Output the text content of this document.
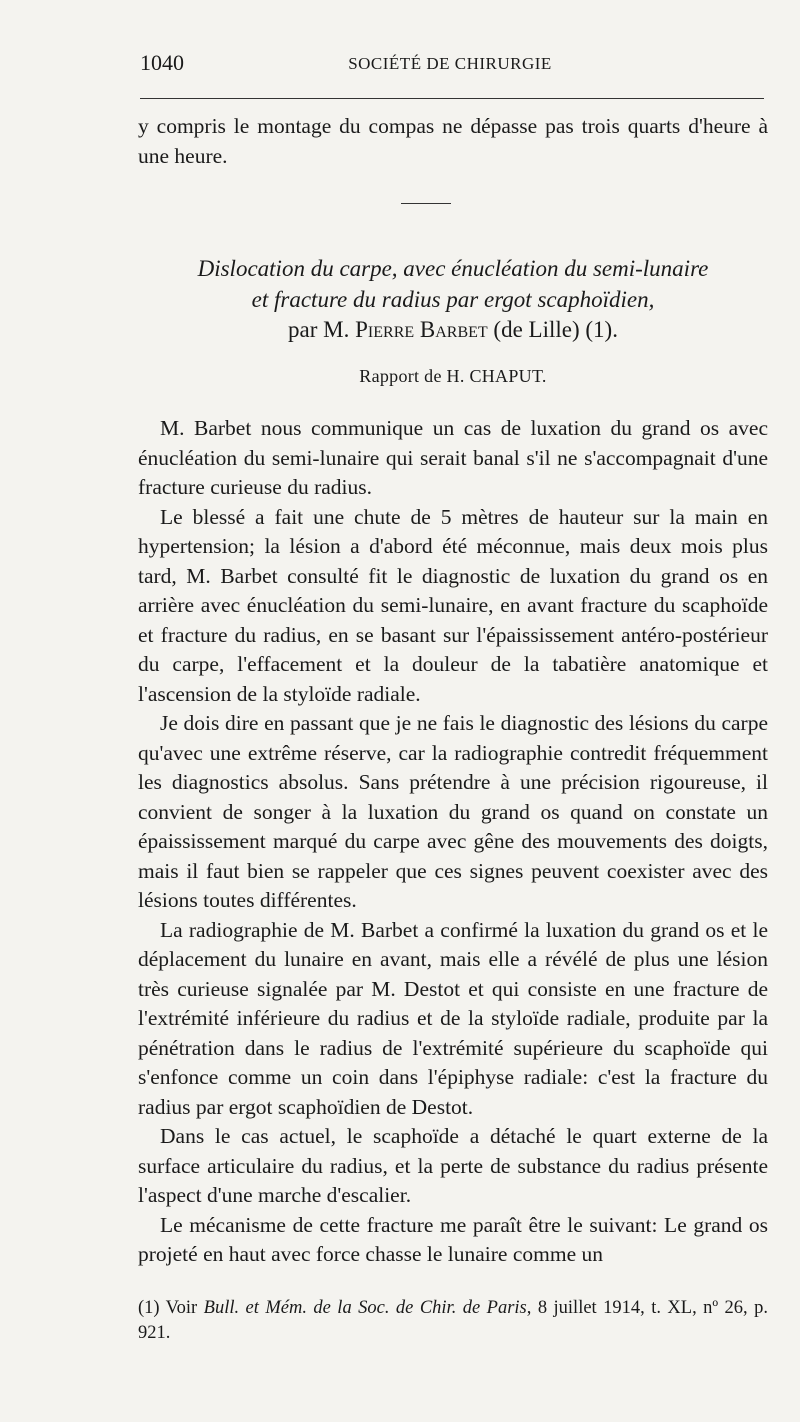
1040	SOCIÉTÉ DE CHIRURGIE

y compris le montage du compas ne dépasse pas trois quarts d'heure à une heure.

Dislocation du carpe, avec énucléation du semi-lunaire
et fracture du radius par ergot scaphoïdien,
par M. Pierre Barbet (de Lille) (1).
Rapport de H. CHAPUT.

M. Barbet nous communique un cas de luxation du grand os avec énucléation du semi-lunaire qui serait banal s'il ne s'accompagnait d'une fracture curieuse du radius.

Le blessé a fait une chute de 5 mètres de hauteur sur la main en hypertension; la lésion a d'abord été méconnue, mais deux mois plus tard, M. Barbet consulté fit le diagnostic de luxation du grand os en arrière avec énucléation du semi-lunaire, en avant fracture du scaphoïde et fracture du radius, en se basant sur l'épaississement antéro-postérieur du carpe, l'effacement et la douleur de la tabatière anatomique et l'ascension de la styloïde radiale.

Je dois dire en passant que je ne fais le diagnostic des lésions du carpe qu'avec une extrême réserve, car la radiographie contredit fréquemment les diagnostics absolus. Sans prétendre à une précision rigoureuse, il convient de songer à la luxation du grand os quand on constate un épaississement marqué du carpe avec gêne des mouvements des doigts, mais il faut bien se rappeler que ces signes peuvent coexister avec des lésions toutes différentes.

La radiographie de M. Barbet a confirmé la luxation du grand os et le déplacement du lunaire en avant, mais elle a révélé de plus une lésion très curieuse signalée par M. Destot et qui consiste en une fracture de l'extrémité inférieure du radius et de la styloïde radiale, produite par la pénétration dans le radius de l'extrémité supérieure du scaphoïde qui s'enfonce comme un coin dans l'épiphyse radiale: c'est la fracture du radius par ergot scaphoïdien de Destot.

Dans le cas actuel, le scaphoïde a détaché le quart externe de la surface articulaire du radius, et la perte de substance du radius présente l'aspect d'une marche d'escalier.

Le mécanisme de cette fracture me paraît être le suivant: Le grand os projeté en haut avec force chasse le lunaire comme un

(1) Voir Bull. et Mém. de la Soc. de Chir. de Paris, 8 juillet 1914, t. XL, nº 26, p. 921.
